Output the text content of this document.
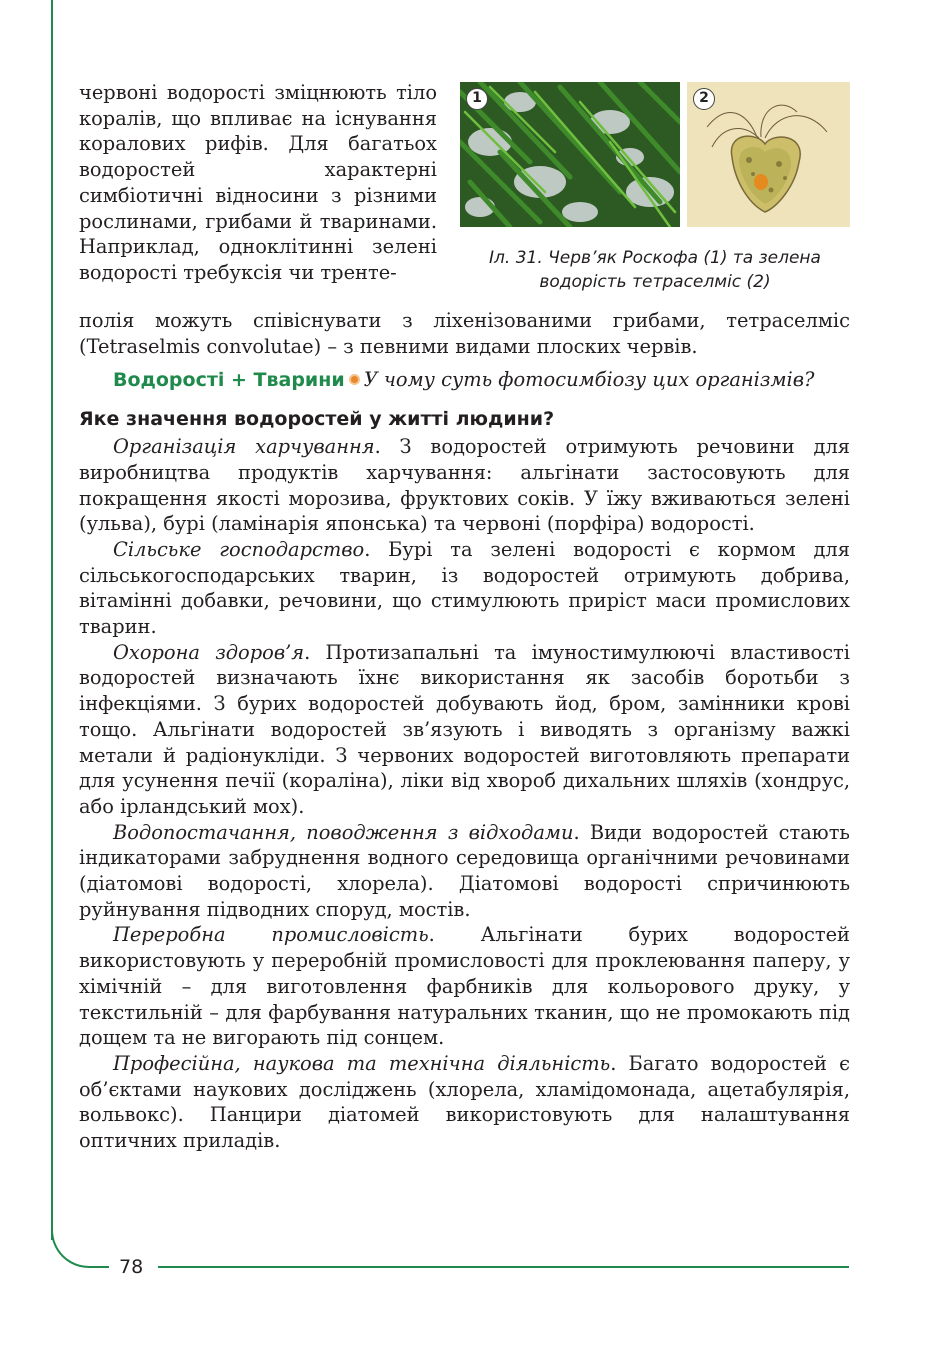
78
червоні водорості зміцнюють тіло коралів, що впливає на існування коралових рифів. Для багатьох водоростей характерні симбіотичні відносини з різними рослинами, грибами й тваринами. Наприклад, одноклітинні зелені водорості требуксія чи тренте-
1	2
Іл. 31. Черв’як Роскофа (1) та зелена водорість тетраселміс (2)

полія можуть співіснувати з ліхенізованими грибами, тетраселміс (Tetraselmis convolutae) – з певними видами плоских червів.

Водорості + Тварини У чому суть фотосимбіозу цих організмів?

Яке значення водоростей у житті людини?

Організація харчування. З водоростей отримують речовини для виробництва продуктів харчування: альгінати застосовують для покращення якості морозива, фруктових соків. У їжу вживаються зелені (ульва), бурі (ламінарія японська) та червоні (порфіра) водорості.

Сільське господарство. Бурі та зелені водорості є кормом для сільськогосподарських тварин, із водоростей отримують добрива, вітамінні добавки, речовини, що стимулюють приріст маси промислових тварин.

Охорона здоров’я. Протизапальні та імуностимулюючі властивості водоростей визначають їхнє використання як засобів боротьби з інфекціями. З бурих водоростей добувають йод, бром, замінники крові тощо. Альгінати водоростей зв’язують і виводять з організму важкі метали й радіонукліди. З червоних водоростей виготовляють препарати для усунення печії (кораліна), ліки від хвороб дихальних шляхів (хондрус, або ірландський мох).

Водопостачання, поводження з відходами. Види водоростей стають індикаторами забруднення водного середовища органічними речовинами (діатомові водорості, хлорела). Діатомові водорості спричинюють руйнування підводних споруд, мостів.

Переробна промисловість. Альгінати бурих водоростей використовують у переробній промисловості для проклеювання паперу, у хімічній – для виготовлення фарбників для кольорового друку, у текстильній – для фарбування натуральних тканин, що не промокають під дощем та не вигорають під сонцем.

Професійна, наукова та технічна діяльність. Багато водоростей є об’єктами наукових досліджень (хлорела, хламідомонада, ацетабулярія, вольвокс). Панцири діатомей використовують для налаштування оптичних приладів.
